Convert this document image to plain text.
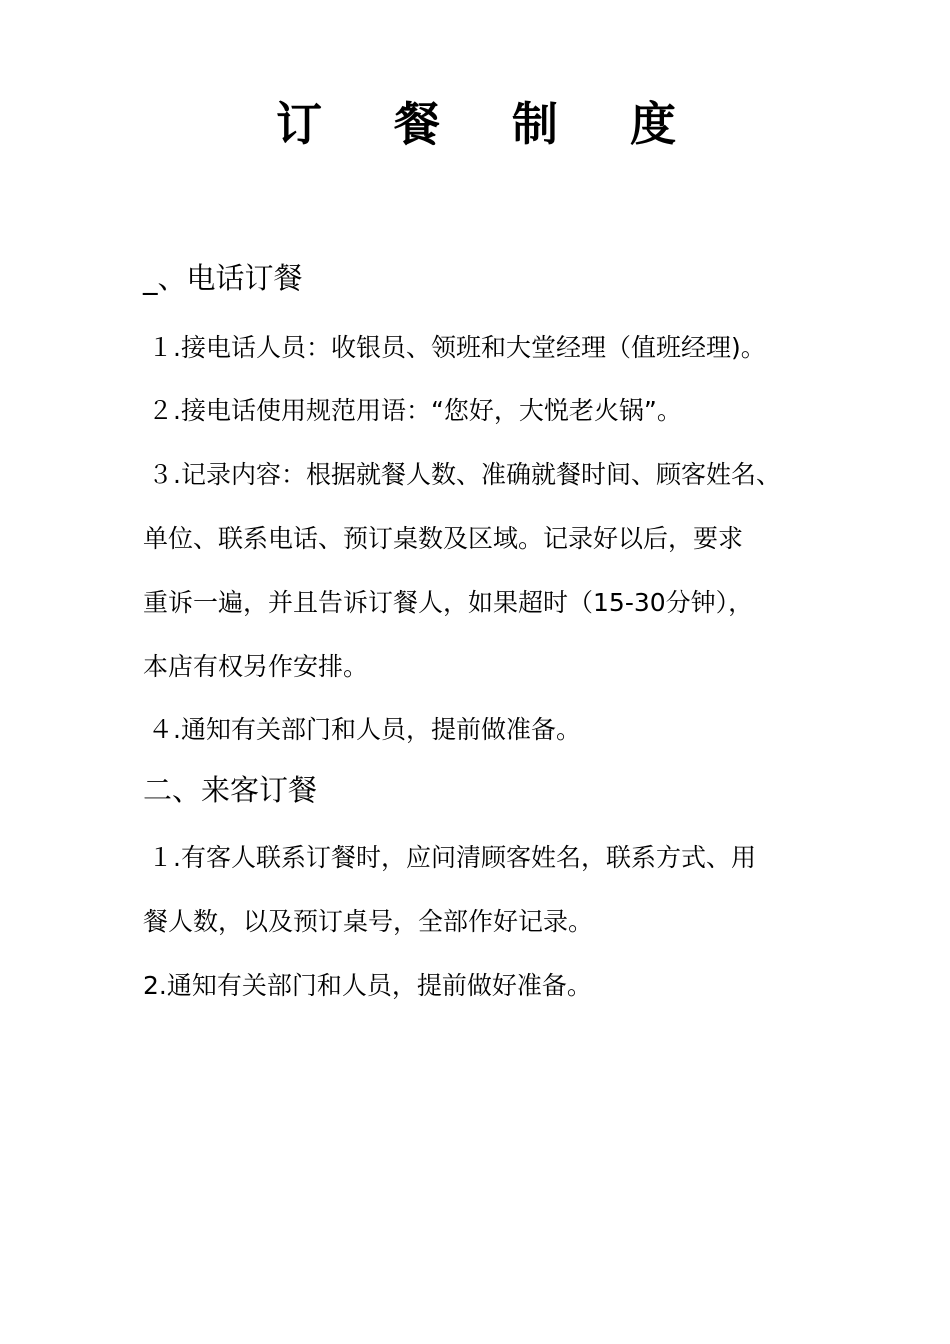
订 餐 制 度
_、电话订餐
１.接电话人员：收银员、领班和大堂经理（值班经理)。
２.接电话使用规范用语：“您好，大悦老火锅”。
３.记录内容：根据就餐人数、准确就餐时间、顾客姓名、
单位、联系电话、预订桌数及区域。记录好以后，要求
重诉一遍，并且告诉订餐人，如果超时（15-30分钟），
本店有权另作安排。
４.通知有关部门和人员，提前做准备。
二、来客订餐
１.有客人联系订餐时，应问清顾客姓名，联系方式、用
餐人数，以及预订桌号，全部作好记录。
2.通知有关部门和人员，提前做好准备。
